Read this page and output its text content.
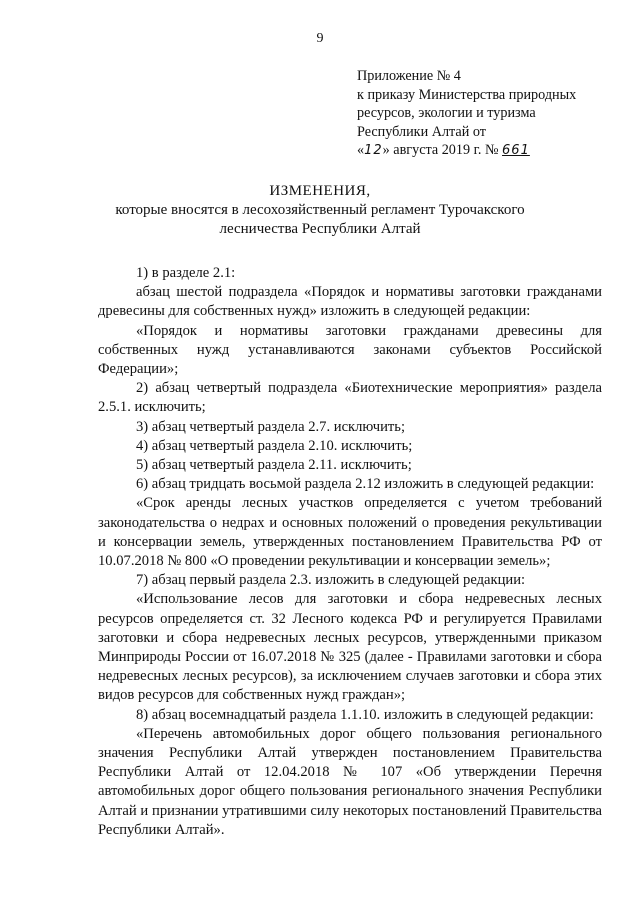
9
Приложение № 4
к приказу Министерства природных
ресурсов, экологии и туризма
Республики Алтай от
«12» августа 2019 г. № 661
ИЗМЕНЕНИЯ,
которые вносятся в лесохозяйственный регламент Турочакского
лесничества Республики Алтай

1) в разделе 2.1:

абзац шестой подраздела «Порядок и нормативы заготовки гражданами древесины для собственных нужд» изложить в следующей редакции:

«Порядок и нормативы заготовки гражданами древесины для собственных нужд устанавливаются законами субъектов Российской Федерации»;

2) абзац четвертый подраздела «Биотехнические мероприятия» раздела 2.5.1. исключить;

3) абзац четвертый раздела 2.7. исключить;

4) абзац четвертый раздела 2.10. исключить;

5) абзац четвертый раздела 2.11. исключить;

6) абзац тридцать восьмой раздела 2.12 изложить в следующей редакции:

«Срок аренды лесных участков определяется с учетом требований законодательства о недрах и основных положений о проведения рекультивации и консервации земель, утвержденных постановлением Правительства РФ от 10.07.2018 № 800 «О проведении рекультивации и консервации земель»;

7) абзац первый раздела 2.3. изложить в следующей редакции:

«Использование лесов для заготовки и сбора недревесных лесных ресурсов определяется ст. 32 Лесного кодекса РФ и регулируется Правилами заготовки и сбора недревесных лесных ресурсов, утвержденными приказом Минприроды России от 16.07.2018 № 325 (далее - Правилами заготовки и сбора недревесных лесных ресурсов), за исключением случаев заготовки и сбора этих видов ресурсов для собственных нужд граждан»;

8) абзац восемнадцатый раздела 1.1.10. изложить в следующей редакции:

«Перечень автомобильных дорог общего пользования регионального значения Республики Алтай утвержден постановлением Правительства Республики Алтай от 12.04.2018 № 107 «Об утверждении Перечня автомобильных дорог общего пользования регионального значения Республики Алтай и признании утратившими силу некоторых постановлений Правительства Республики Алтай».
